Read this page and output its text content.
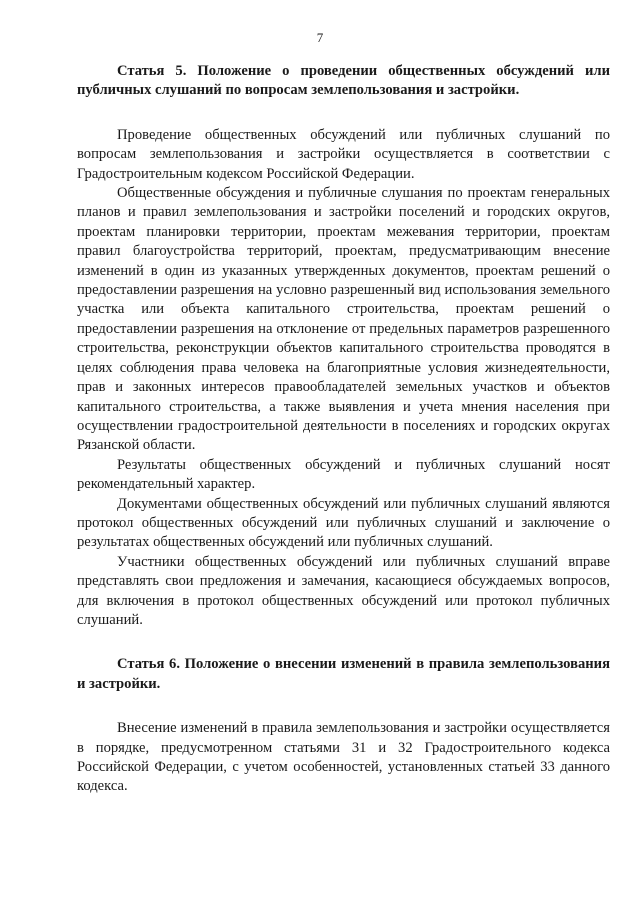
7

Статья 5. Положение о проведении общественных обсуждений или публичных слушаний по вопросам землепользования и застройки.

Проведение общественных обсуждений или публичных слушаний по вопросам землепользования и застройки осуществляется в соответствии с Градостроительным кодексом Российской Федерации.

Общественные обсуждения и публичные слушания по проектам генеральных планов и правил землепользования и застройки поселений и городских округов, проектам планировки территории, проектам межевания территории, проектам правил благоустройства территорий, проектам, предусматривающим внесение изменений в один из указанных утвержденных документов, проектам решений о предоставлении разрешения на условно разрешенный вид использования земельного участка или объекта капитального строительства, проектам решений о предоставлении разрешения на отклонение от предельных параметров разрешенного строительства, реконструкции объектов капитального строительства проводятся в целях соблюдения права человека на благоприятные условия жизнедеятельности, прав и законных интересов правообладателей земельных участков и объектов капитального строительства, а также выявления и учета мнения населения при осуществлении градостроительной деятельности в поселениях и городских округах Рязанской области.

Результаты общественных обсуждений и публичных слушаний носят рекомендательный характер.

Документами общественных обсуждений или публичных слушаний являются протокол общественных обсуждений или публичных слушаний и заключение о результатах общественных обсуждений или публичных слушаний.

Участники общественных обсуждений или публичных слушаний вправе представлять свои предложения и замечания, касающиеся обсуждаемых вопросов, для включения в протокол общественных обсуждений или протокол публичных слушаний.

Статья 6. Положение о внесении изменений в правила землепользования и застройки.

Внесение изменений в правила землепользования и застройки осуществляется в порядке, предусмотренном статьями 31 и 32 Градостроительного кодекса Российской Федерации, с учетом особенностей, установленных статьей 33 данного кодекса.
